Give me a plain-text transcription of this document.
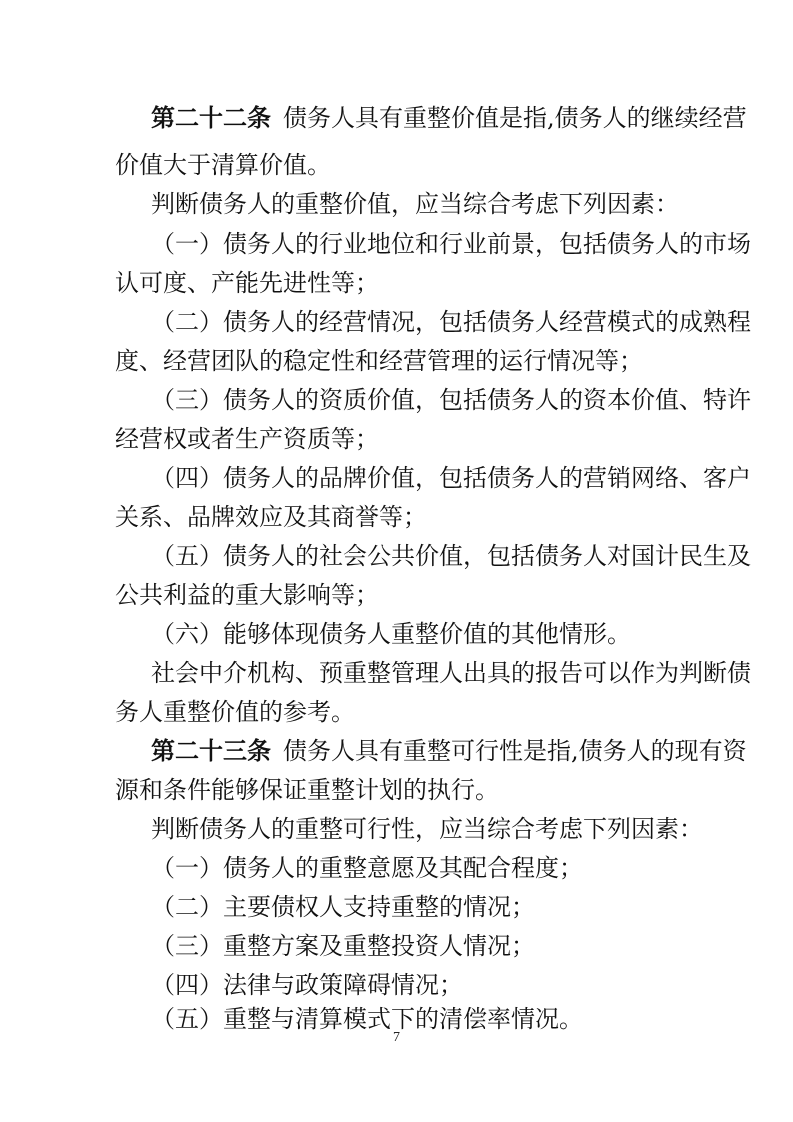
第二十二条 债务人具有重整价值是指,债务人的继续经营
价值大于清算价值。
判断债务人的重整价值，应当综合考虑下列因素：
（一）债务人的行业地位和行业前景，包括债务人的市场
认可度、产能先进性等；
（二）债务人的经营情况，包括债务人经营模式的成熟程
度、经营团队的稳定性和经营管理的运行情况等；
（三）债务人的资质价值，包括债务人的资本价值、特许
经营权或者生产资质等；
（四）债务人的品牌价值，包括债务人的营销网络、客户
关系、品牌效应及其商誉等；
（五）债务人的社会公共价值，包括债务人对国计民生及
公共利益的重大影响等；
（六）能够体现债务人重整价值的其他情形。
社会中介机构、预重整管理人出具的报告可以作为判断债
务人重整价值的参考。
第二十三条 债务人具有重整可行性是指,债务人的现有资
源和条件能够保证重整计划的执行。
判断债务人的重整可行性，应当综合考虑下列因素：
（一）债务人的重整意愿及其配合程度；
（二）主要债权人支持重整的情况；
（三）重整方案及重整投资人情况；
（四）法律与政策障碍情况；
（五）重整与清算模式下的清偿率情况。
7
